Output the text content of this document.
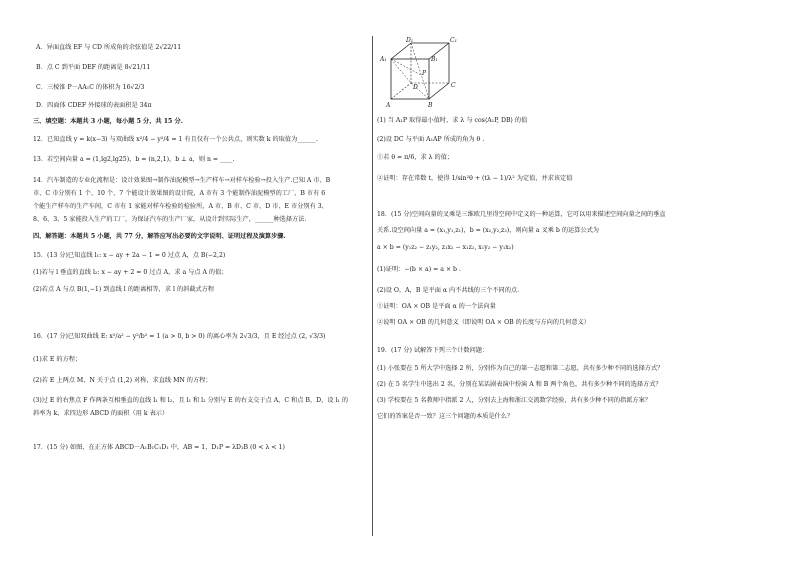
A．异面直线 EF 与 CD 所成角的余弦值是 2√22/11
B．点 C 到平面 DEF 的距离是 8√21/11
C．三棱锥 P－AA₁C 的体积为 16√2/3
D．四面体 CDEF 外接球的表面积是 34π
三、填空题：本题共 3 小题，每小题 5 分，共 15 分.
12．已知直线 y = k(x−3) 与双曲线 x²/4 − y²/4 = 1 有且仅有一个公共点，则实数 k 的取值为______.
13．若空间向量 a = (1,lg2,lg25)，b = (n,2,1)，b ⊥ a，则 n = ____.
14．汽车制造的专业化流程是：设计效果图→制作油泥模型→生产样车→对样车检验→投入生产.已知 A 市、B
市、C 市分别有 1 个、10 个、7 个能设计效果图的设计院，A 市有 3 个能制作油泥模型的工厂，B 市有 6
个能生产样车的生产车间，C 市有 1 家能对样车检验的检验所，A 市、B 市、C 市、D 市、E 市分别有 3、
8、6、3、5 家能投入生产的工厂，为保证汽车的生产厂家，从设计到实际生产，______种选择方法.
四、解答题：本题共 5 小题，共 77 分，解答应写出必要的文字说明、证明过程及演算步骤.
15．(13 分)已知直线 l₁: x − ay + 2a − 1 = 0 过点 A，点 B(−2,2)
(1)若与 l 垂直的直线 l₂: x − ay + 2 = 0 过点 A，求 a 与点 A 的值；
(2)若点 A 与点 B(1,−1) 到直线 l 的距离相等，求 l 的斜截式方程
16．(17 分)已知双曲线 E: x²/a² − y²/b² = 1 (a > 0, b > 0) 的离心率为 2√3/3，且 E 经过点 (2, √3/3)
(1)求 E 的方程；
(2)若 E 上两点 M，N 关于点 (1,2) 对称，求直线 MN 的方程；
(3)过 E 的右焦点 F 作两条互相垂直的直线 l₁ 和 l₂，且 l₁ 和 l₂ 分别与 E 的右支交于点 A，C 和点 B，D，设 l₁ 的
斜率为 k，求四边形 ABCD 的面积（用 k 表示）
17．(15 分) 如图，在正方体 ABCD－A₁B₁C₁D₁ 中，AB = 1，D₁P = λD₁B (0 < λ < 1)
D₁	C₁
A₁	B₁
P
D	C
A	B
(1) 当 A₁P 取得最小值时，求 λ 与 cos⟨A₁P, DB⟩ 的值
(2)设 DC 与平面 A₁AP 所成的角为 θ .
①若 θ = π/6，求 λ 的值；
②证明：存在常数 t，使得 1/sin²θ + (tλ − 1)/λ² 为定值，并求该定值
18．(15 分)空间向量的叉乘是三维欧几里得空间中定义的一种运算，它可以用来描述空间向量之间的垂直
关系.设空间向量 a = (x₁,y₁,z₁)，b = (x₂,y₂,z₂)，则向量 a 叉乘 b 的运算公式为
a × b = (y₁z₂ − z₁y₂, z₁x₂ − x₁z₂, x₁y₂ − y₁x₂)
(1)证明：−(b × a) = a × b .
(2)设 O，A，B 是平面 α 内不共线的三个不同的点.
①证明：OA × OB 是平面 α 的一个法向量
②说明 OA × OB 的几何意义（即说明 OA × OB 的长度与方向的几何意义）
19．(17 分) 试解答下列三个计数问题：
(1) 小张要在 5 所大学中选择 2 所，分别作为自己的第一志愿和第二志愿，共有多少种不同的选择方式？
(2) 在 5 名学生中选出 2 名，分别在某话剧表演中扮演 A 和 B 两个角色，共有多少种不同的选择方式？
(3) 学校要在 5 名教师中指派 2 人，分别去上海和浙江交流数学经验，共有多少种不同的指派方案？
它们的答案是否一致？这三个问题的本质是什么？
